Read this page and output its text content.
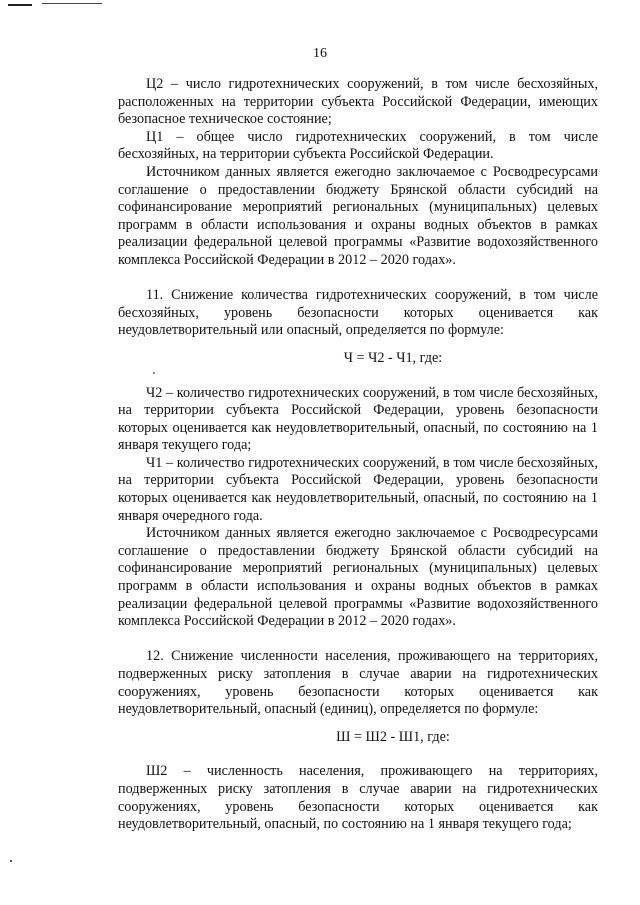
16

Ц2 – число гидротехнических сооружений, в том числе бесхозяйных, расположенных на территории субъекта Российской Федерации, имеющих безопасное техническое состояние;

Ц1 – общее число гидротехнических сооружений, в том числе бесхозяйных, на территории субъекта Российской Федерации.

Источником данных является ежегодно заключаемое с Росводресурсами соглашение о предоставлении бюджету Брянской области субсидий на софинансирование мероприятий региональных (муниципальных) целевых программ в области использования и охраны водных объектов в рамках реализации федеральной целевой программы «Развитие водохозяйственного комплекса Российской Федерации в 2012 – 2020 годах».

11. Снижение количества гидротехнических сооружений, в том числе бесхозяйных, уровень безопасности которых оценивается как неудовлетворительный или опасный, определяется по формуле:

Ч = Ч2 - Ч1, где:

Ч2 – количество гидротехнических сооружений, в том числе бесхозяйных, на территории субъекта Российской Федерации, уровень безопасности которых оценивается как неудовлетворительный, опасный, по состоянию на 1 января текущего года;

Ч1 – количество гидротехнических сооружений, в том числе бесхозяйных, на территории субъекта Российской Федерации, уровень безопасности которых оценивается как неудовлетворительный, опасный, по состоянию на 1 января очередного года.

Источником данных является ежегодно заключаемое с Росводресурсами соглашение о предоставлении бюджету Брянской области субсидий на софинансирование мероприятий региональных (муниципальных) целевых программ в области использования и охраны водных объектов в рамках реализации федеральной целевой программы «Развитие водохозяйственного комплекса Российской Федерации в 2012 – 2020 годах».

12. Снижение численности населения, проживающего на территориях, подверженных риску затопления в случае аварии на гидротехнических сооружениях, уровень безопасности которых оценивается как неудовлетворительный, опасный (единиц), определяется по формуле:

Ш = Ш2 - Ш1, где:

Ш2 – численность населения, проживающего на территориях, подверженных риску затопления в случае аварии на гидротехнических сооружениях, уровень безопасности которых оценивается как неудовлетворительный, опасный, по состоянию на 1 января текущего года;
